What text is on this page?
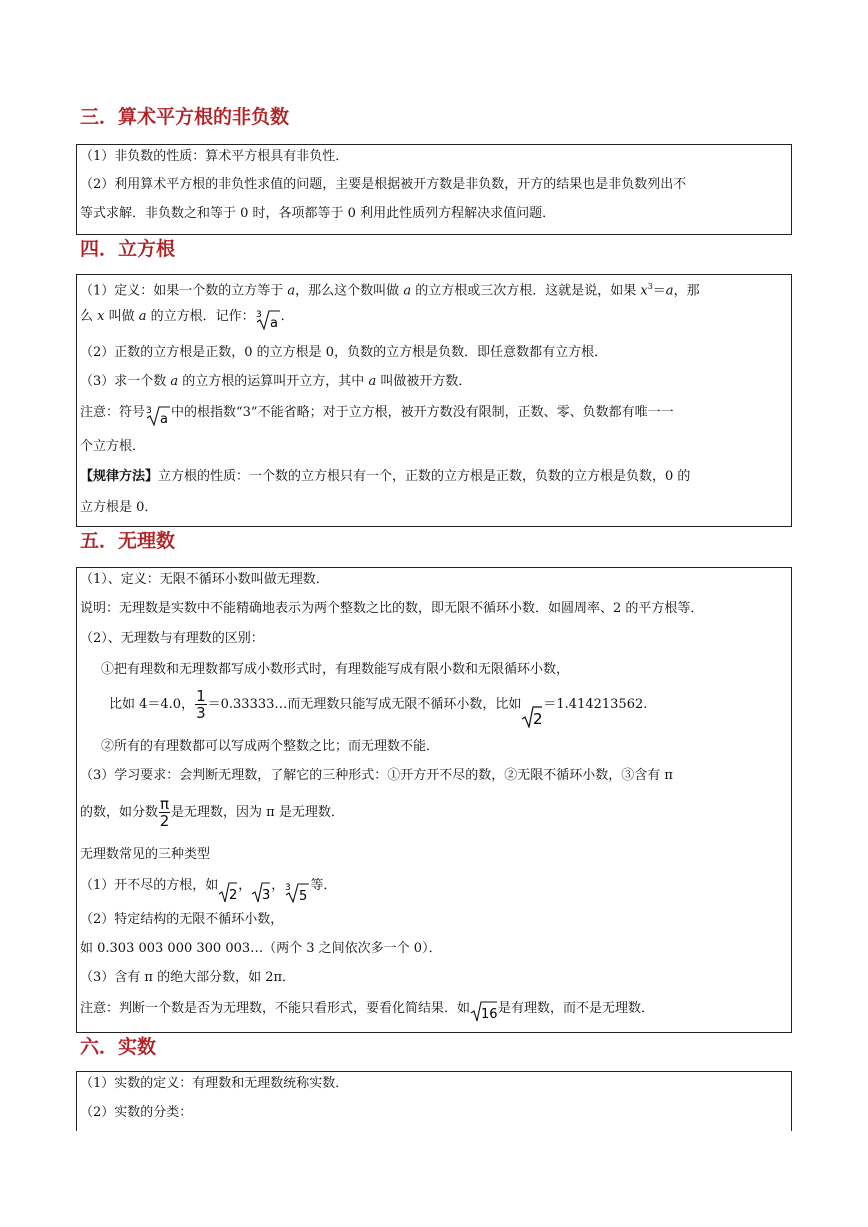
三．算术平方根的非负数
（1）非负数的性质：算术平方根具有非负性．
（2）利用算术平方根的非负性求值的问题，主要是根据被开方数是非负数，开方的结果也是非负数列出不
等式求解．非负数之和等于 0 时，各项都等于 0 利用此性质列方程解决求值问题．
四．立方根
（1）定义：如果一个数的立方等于 a，那么这个数叫做 a 的立方根或三次方根．这就是说，如果 $x^3=a$，那
么 x 叫做 a 的立方根．记作： 3
a ．
（2）正数的立方根是正数，0 的立方根是 0，负数的立方根是负数．即任意数都有立方根．
（3）求一个数 a 的立方根的运算叫开立方，其中 a 叫做被开方数．
注意：符号 3
a 中的根指数“3”不能省略；对于立方根，被开方数没有限制，正数、零、负数都有唯一一
个立方根．
【规律方法】立方根的性质：一个数的立方根只有一个，正数的立方根是正数，负数的立方根是负数，0 的
立方根是 0．
五．无理数
（1）、定义：无限不循环小数叫做无理数．
说明：无理数是实数中不能精确地表示为两个整数之比的数，即无限不循环小数．如圆周率、2 的平方根等．
（2）、无理数与有理数的区别：
①把有理数和无理数都写成小数形式时，有理数能写成有限小数和无限循环小数，
比如 4＝4.0， $\frac{1}{3}$ ＝0.33333…而无理数只能写成无限不循环小数，比如
2
＝1.414213562.
②所有的有理数都可以写成两个整数之比；而无理数不能．
（3）学习要求：会判断无理数，了解它的三种形式：①开方开不尽的数，②无限不循环小数，③含有 π
的数，如分数 $\frac{\pi}{2}$ 是无理数，因为 π 是无理数．
无理数常见的三种类型
（1）开不尽的方根，如
2
，
3
， 3
5
等．
（2）特定结构的无限不循环小数，
如 0.303 003 000 300 003…（两个 3 之间依次多一个 0）．
（3）含有 π 的绝大部分数，如 2π．
注意：判断一个数是否为无理数，不能只看形式，要看化简结果．如 16 是有理数，而不是无理数．
六．实数
（1）实数的定义：有理数和无理数统称实数．
（2）实数的分类：
